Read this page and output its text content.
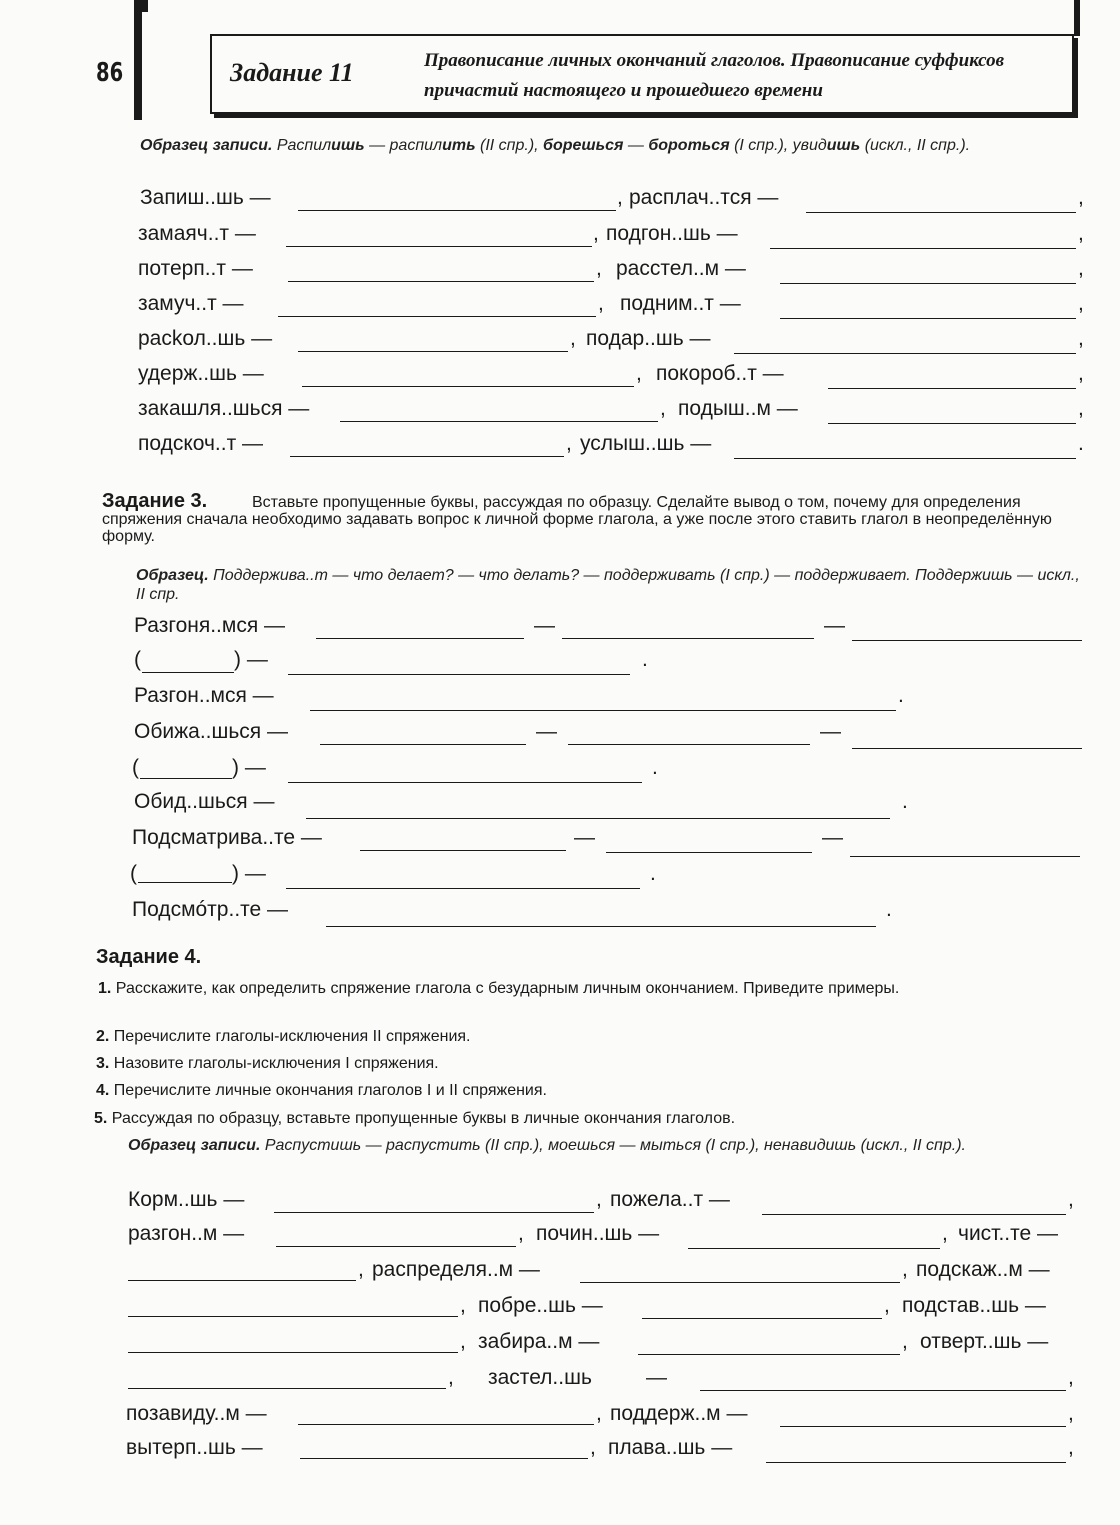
86	Задание 11	Правописание личных окончаний глаголов. Правописание суффиксов причастий настоящего и прошедшего времени
Образец записи. Распилишь — распилить (II спр.), борешься — бороться (I спр.), увидишь (искл., II спр.).
Запиш..шь —	, расплач..тся —	,
замаяч..т —	, подгон..шь —	,
потерп..т —	, расстел..м —	,
замуч..т —	, подним..т —	,
расkол..шь —	, подар..шь —	,
удерж..шь —	, покороб..т —	,
закашля..шься —	, подыш..м —	,
подскоч..т —	, услыш..шь —	.
Задание 3.	Вставьте пропущенные буквы, рассуждая по образцу. Сделайте вывод о том, почему для определения спряжения сначала необходимо задавать вопрос к личной форме глагола, а уже после этого ставить глагол в неопределённую форму.
Образец. Поддержива..т — что делает? — что делать? — поддерживать (I спр.) — поддерживает. Поддержишь — искл., II спр.
Разгоня..мся —	—	—
(	) —	.
Разгон..мся —	.
Обижа..шься —	—	—
(	) —	.
Обид..шься —	.
Подсматрива..те —	—	—
(	) —	.
Подсмóтр..те —	.
Задание 4.
1. Расскажите, как определить спряжение глагола с безударным личным окончанием. Приведите примеры.
2. Перечислите глаголы-исключения II спряжения.
3. Назовите глаголы-исключения I спряжения.
4. Перечислите личные окончания глаголов I и II спряжения.
5. Рассуждая по образцу, вставьте пропущенные буквы в личные окончания глаголов.
Образец записи. Распустишь — распустить (II спр.), моешься — мыться (I спр.), ненавидишь (искл., II спр.).
Корм..шь —	, пожела..т —	,
разгон..м —	, почин..шь —	, чист..те —
, распределя..м —	, подскаж..м —
, побре..шь —	, подстав..шь —
, забира..м —	, отверт..шь —
, застел..шь	—	,
позавиду..м —	, поддерж..м —	,
вытерп..шь —	, плава..шь —	,
